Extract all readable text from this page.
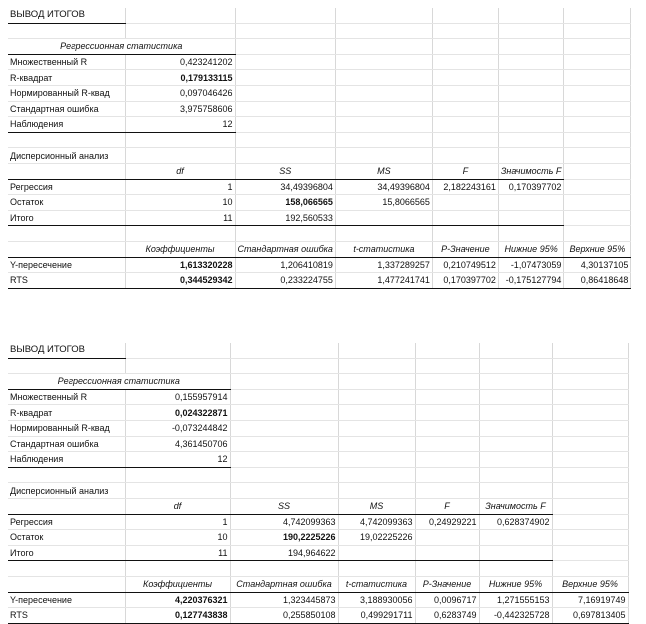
ВЫВОД ИТОГОВ						

Регрессионная статистика						
Множественный R	0,423241202					
R-квадрат	0,179133115					
Нормированный R-квад	0,097046426					
Стандартная ошибка	3,975758606					
Наблюдения	12					

Дисперсионный анализ						
	df	SS	MS	F	Значимость F	
Регрессия	1	34,49396804	34,49396804	2,182243161	0,170397702	
Остаток	10	158,066565	15,8066565			
Итого	11	192,560533				

	Коэффициенты	Стандартная ошибка	t-статистика	P-Значение	Нижние 95%	Верхние 95%
Y-пересечение	1,613320228	1,206410819	1,337289257	0,210749512	-1,07473059	4,30137105
RTS	0,344529342	0,233224755	1,477241741	0,170397702	-0,175127794	0,86418648
ВЫВОД ИТОГОВ						

Регрессионная статистика						
Множественный R	0,155957914					
R-квадрат	0,024322871					
Нормированный R-квад	-0,073244842					
Стандартная ошибка	4,361450706					
Наблюдения	12					

Дисперсионный анализ						
	df	SS	MS	F	Значимость F	
Регрессия	1	4,742099363	4,742099363	0,24929221	0,628374902	
Остаток	10	190,2225226	19,02225226			
Итого	11	194,964622				

	Коэффициенты	Стандартная ошибка	t-статистика	P-Значение	Нижние 95%	Верхние 95%
Y-пересечение	4,220376321	1,323445873	3,188930056	0,0096717	1,271555153	7,16919749
RTS	0,127743838	0,255850108	0,499291711	0,6283749	-0,442325728	0,697813405
